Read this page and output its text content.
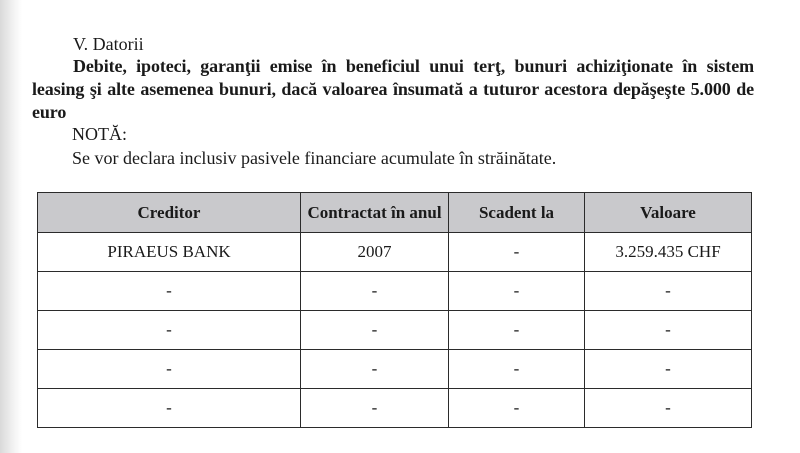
V. Datorii
Debite, ipoteci, garanţii emise în beneficiul unui terţ, bunuri achiziţionate în sistem leasing şi alte asemenea bunuri, dacă valoarea însumată a tuturor acestora depăşeşte 5.000 de euro
NOTĂ:
Se vor declara inclusiv pasivele financiare acumulate în străinătate.
Creditor	Contractat în anul	Scadent la	Valoare
PIRAEUS BANK	2007	-	3.259.435 CHF
-	-	-	-
-	-	-	-
-	-	-	-
-	-	-	-
